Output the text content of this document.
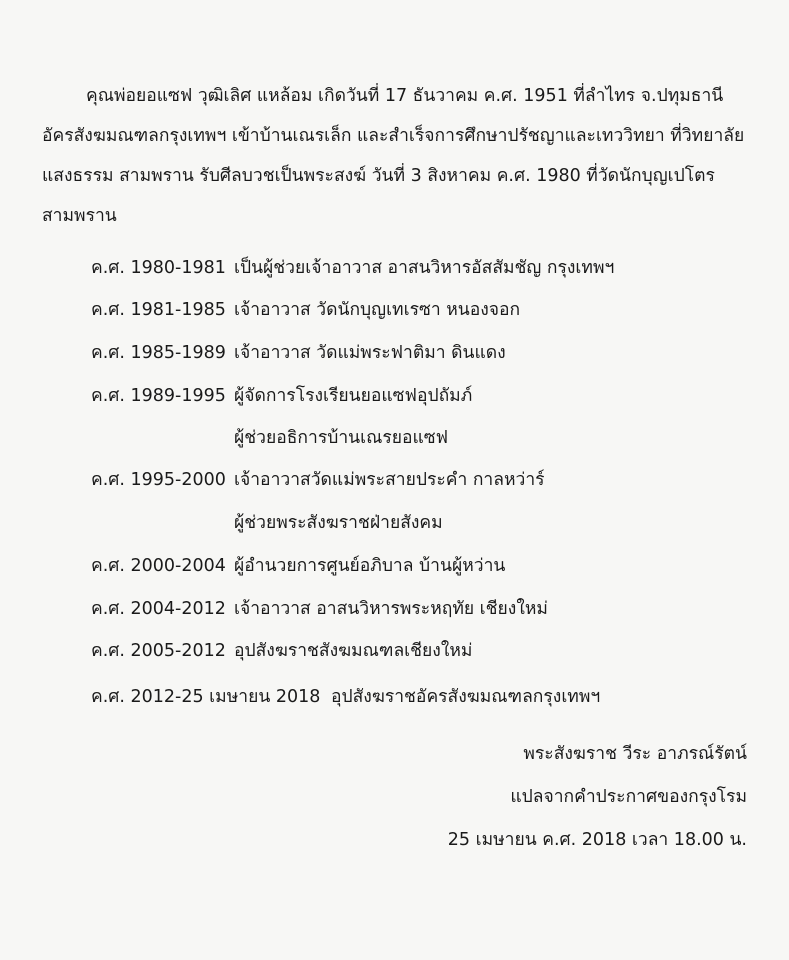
คุณพ่อยอแซฟ วุฒิเลิศ แหล้อม เกิดวันที่ 17 ธันวาคม ค.ศ. 1951 ที่ลำไทร จ.ปทุมธานี
อัครสังฆมณฑลกรุงเทพฯ เข้าบ้านเณรเล็ก และสำเร็จการศึกษาปรัชญาและเทววิทยา ที่วิทยาลัย
แสงธรรม สามพราน รับศีลบวชเป็นพระสงฆ์ วันที่ 3 สิงหาคม ค.ศ. 1980 ที่วัดนักบุญเปโตร
สามพราน
ค.ศ. 1980-1981 เป็นผู้ช่วยเจ้าอาวาส อาสนวิหารอัสสัมชัญ กรุงเทพฯ
ค.ศ. 1981-1985 เจ้าอาวาส วัดนักบุญเทเรซา หนองจอก
ค.ศ. 1985-1989 เจ้าอาวาส วัดแม่พระฟาติมา ดินแดง
ค.ศ. 1989-1995 ผู้จัดการโรงเรียนยอแซฟอุปถัมภ์
ผู้ช่วยอธิการบ้านเณรยอแซฟ
ค.ศ. 1995-2000 เจ้าอาวาสวัดแม่พระสายประคำ กาลหว่าร์
ผู้ช่วยพระสังฆราชฝ่ายสังคม
ค.ศ. 2000-2004 ผู้อำนวยการศูนย์อภิบาล บ้านผู้หว่าน
ค.ศ. 2004-2012 เจ้าอาวาส อาสนวิหารพระหฤทัย เชียงใหม่
ค.ศ. 2005-2012 อุปสังฆราชสังฆมณฑลเชียงใหม่
ค.ศ. 2012-25 เมษายน 2018 อุปสังฆราชอัครสังฆมณฑลกรุงเทพฯ
พระสังฆราช วีระ อาภรณ์รัตน์
แปลจากคำประกาศของกรุงโรม
25 เมษายน ค.ศ. 2018 เวลา 18.00 น.
